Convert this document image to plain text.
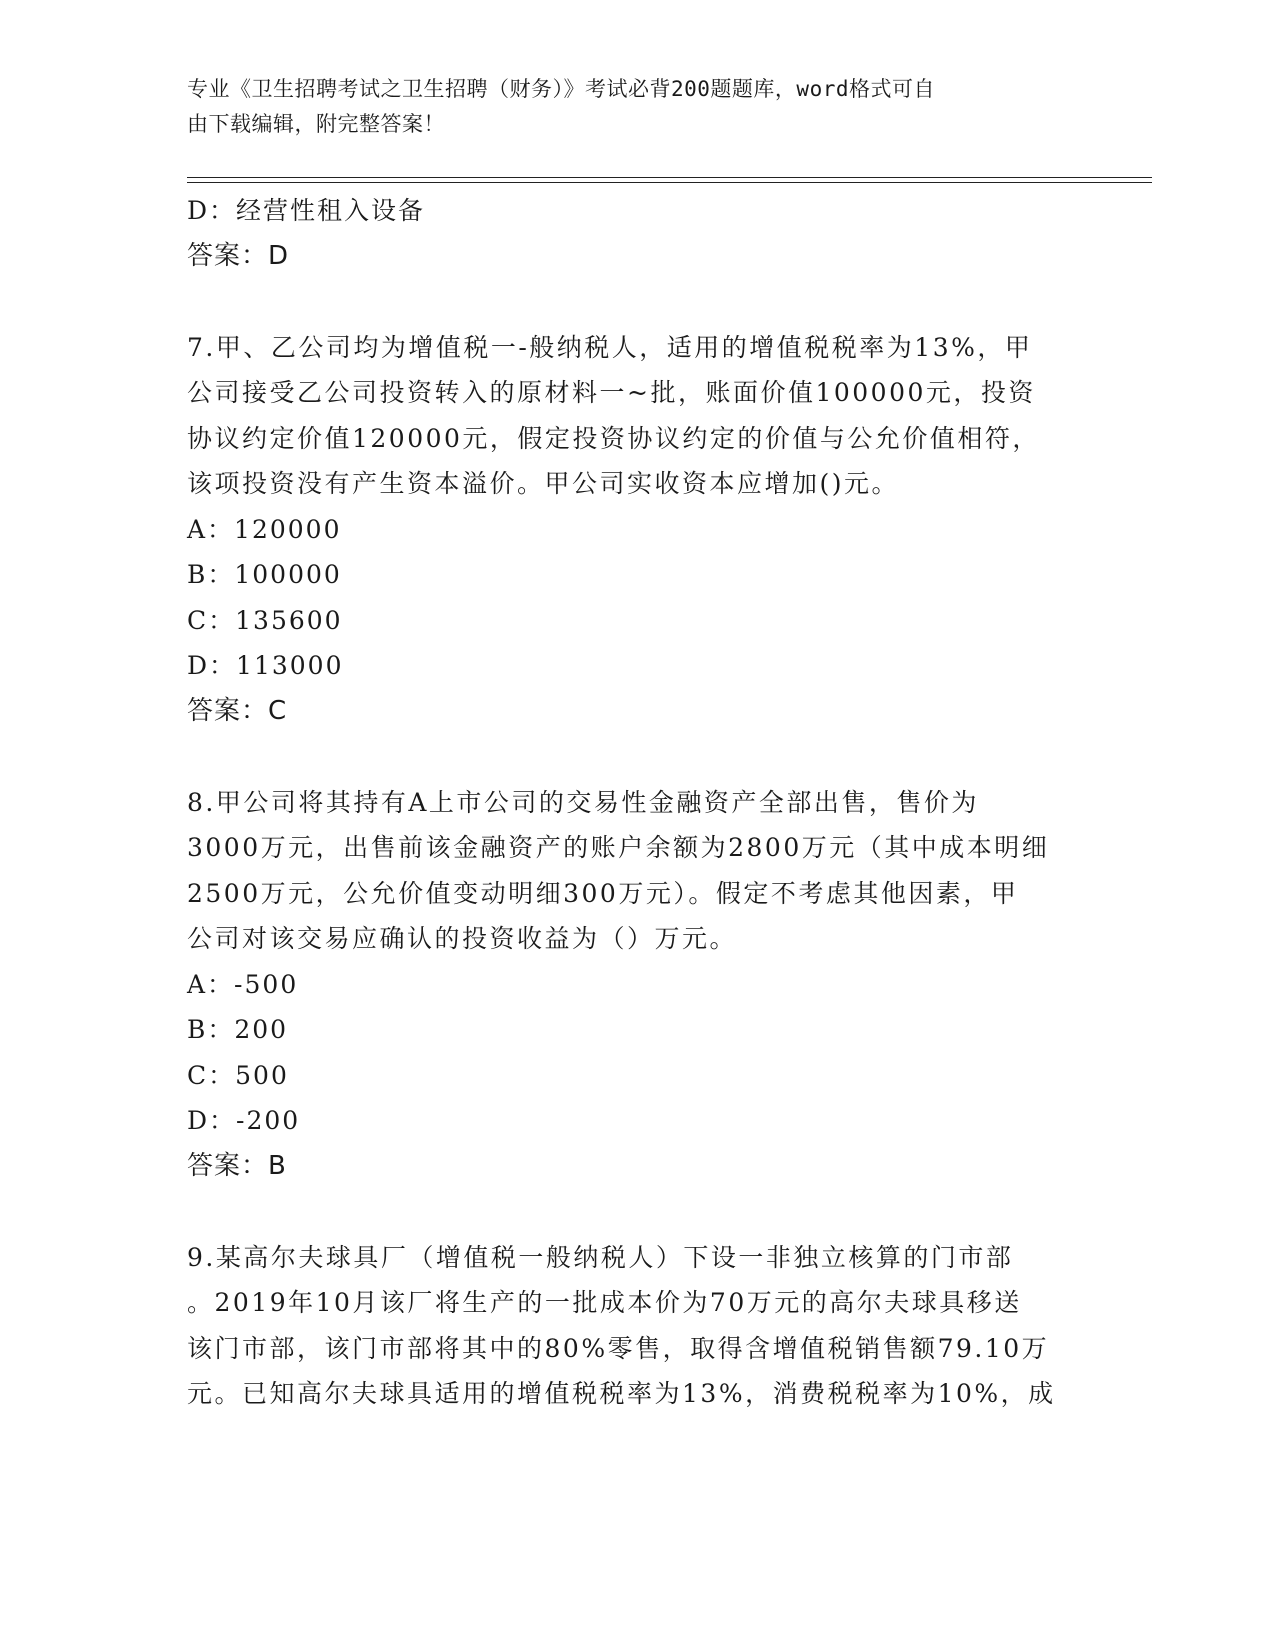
专业《卫生招聘考试之卫生招聘（财务）》考试必背200题题库，word格式可自
由下载编辑，附完整答案！
D：经营性租入设备
答案：D
7.甲、乙公司均为增值税一-般纳税人，适用的增值税税率为13%，甲
公司接受乙公司投资转入的原材料一~批，账面价值100000元，投资
协议约定价值120000元，假定投资协议约定的价值与公允价值相符，
该项投资没有产生资本溢价。甲公司实收资本应增加()元。
A：120000
B：100000
C：135600
D：113000
答案：C
8.甲公司将其持有A上市公司的交易性金融资产全部出售，售价为
3000万元，出售前该金融资产的账户余额为2800万元（其中成本明细
2500万元，公允价值变动明细300万元）。假定不考虑其他因素，甲
公司对该交易应确认的投资收益为（）万元。
A：-500
B：200
C：500
D：-200
答案：B
9.某高尔夫球具厂（增值税一般纳税人）下设一非独立核算的门市部
。2019年10月该厂将生产的一批成本价为70万元的高尔夫球具移送
该门市部，该门市部将其中的80%零售，取得含增值税销售额79.10万
元。已知高尔夫球具适用的增值税税率为13%，消费税税率为10%，成
